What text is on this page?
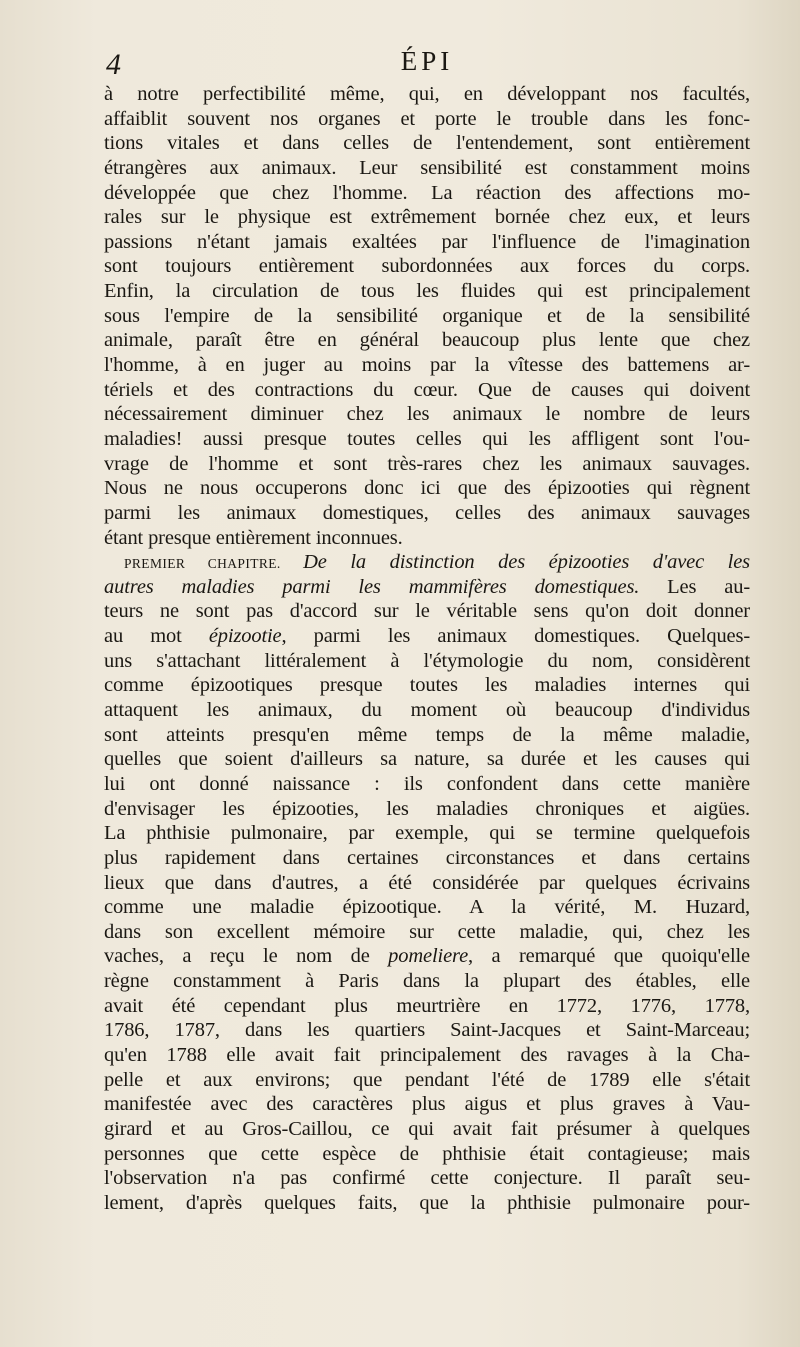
4	ÉPI
à notre perfectibilité même, qui, en développant nos facultés,
affaiblit souvent nos organes et porte le trouble dans les fonc-
tions vitales et dans celles de l'entendement, sont entièrement
étrangères aux animaux. Leur sensibilité est constamment moins
développée que chez l'homme. La réaction des affections mo-
rales sur le physique est extrêmement bornée chez eux, et leurs
passions n'étant jamais exaltées par l'influence de l'imagination
sont toujours entièrement subordonnées aux forces du corps.
Enfin, la circulation de tous les fluides qui est principalement
sous l'empire de la sensibilité organique et de la sensibilité
animale, paraît être en général beaucoup plus lente que chez
l'homme, à en juger au moins par la vîtesse des battemens ar-
tériels et des contractions du cœur. Que de causes qui doivent
nécessairement diminuer chez les animaux le nombre de leurs
maladies! aussi presque toutes celles qui les affligent sont l'ou-
vrage de l'homme et sont très-rares chez les animaux sauvages.
Nous ne nous occuperons donc ici que des épizooties qui règnent
parmi les animaux domestiques, celles des animaux sauvages
étant presque entièrement inconnues.
PREMIER CHAPITRE. De la distinction des épizooties d'avec les
autres maladies parmi les mammifères domestiques. Les au-
teurs ne sont pas d'accord sur le véritable sens qu'on doit donner
au mot épizootie, parmi les animaux domestiques. Quelques-
uns s'attachant littéralement à l'étymologie du nom, considèrent
comme épizootiques presque toutes les maladies internes qui
attaquent les animaux, du moment où beaucoup d'individus
sont atteints presqu'en même temps de la même maladie,
quelles que soient d'ailleurs sa nature, sa durée et les causes qui
lui ont donné naissance : ils confondent dans cette manière
d'envisager les épizooties, les maladies chroniques et aigües.
La phthisie pulmonaire, par exemple, qui se termine quelquefois
plus rapidement dans certaines circonstances et dans certains
lieux que dans d'autres, a été considérée par quelques écrivains
comme une maladie épizootique. A la vérité, M. Huzard,
dans son excellent mémoire sur cette maladie, qui, chez les
vaches, a reçu le nom de pomeliere, a remarqué que quoiqu'elle
règne constamment à Paris dans la plupart des étables, elle
avait été cependant plus meurtrière en 1772, 1776, 1778,
1786, 1787, dans les quartiers Saint-Jacques et Saint-Marceau;
qu'en 1788 elle avait fait principalement des ravages à la Cha-
pelle et aux environs; que pendant l'été de 1789 elle s'était
manifestée avec des caractères plus aigus et plus graves à Vau-
girard et au Gros-Caillou, ce qui avait fait présumer à quelques
personnes que cette espèce de phthisie était contagieuse; mais
l'observation n'a pas confirmé cette conjecture. Il paraît seu-
lement, d'après quelques faits, que la phthisie pulmonaire pour-
